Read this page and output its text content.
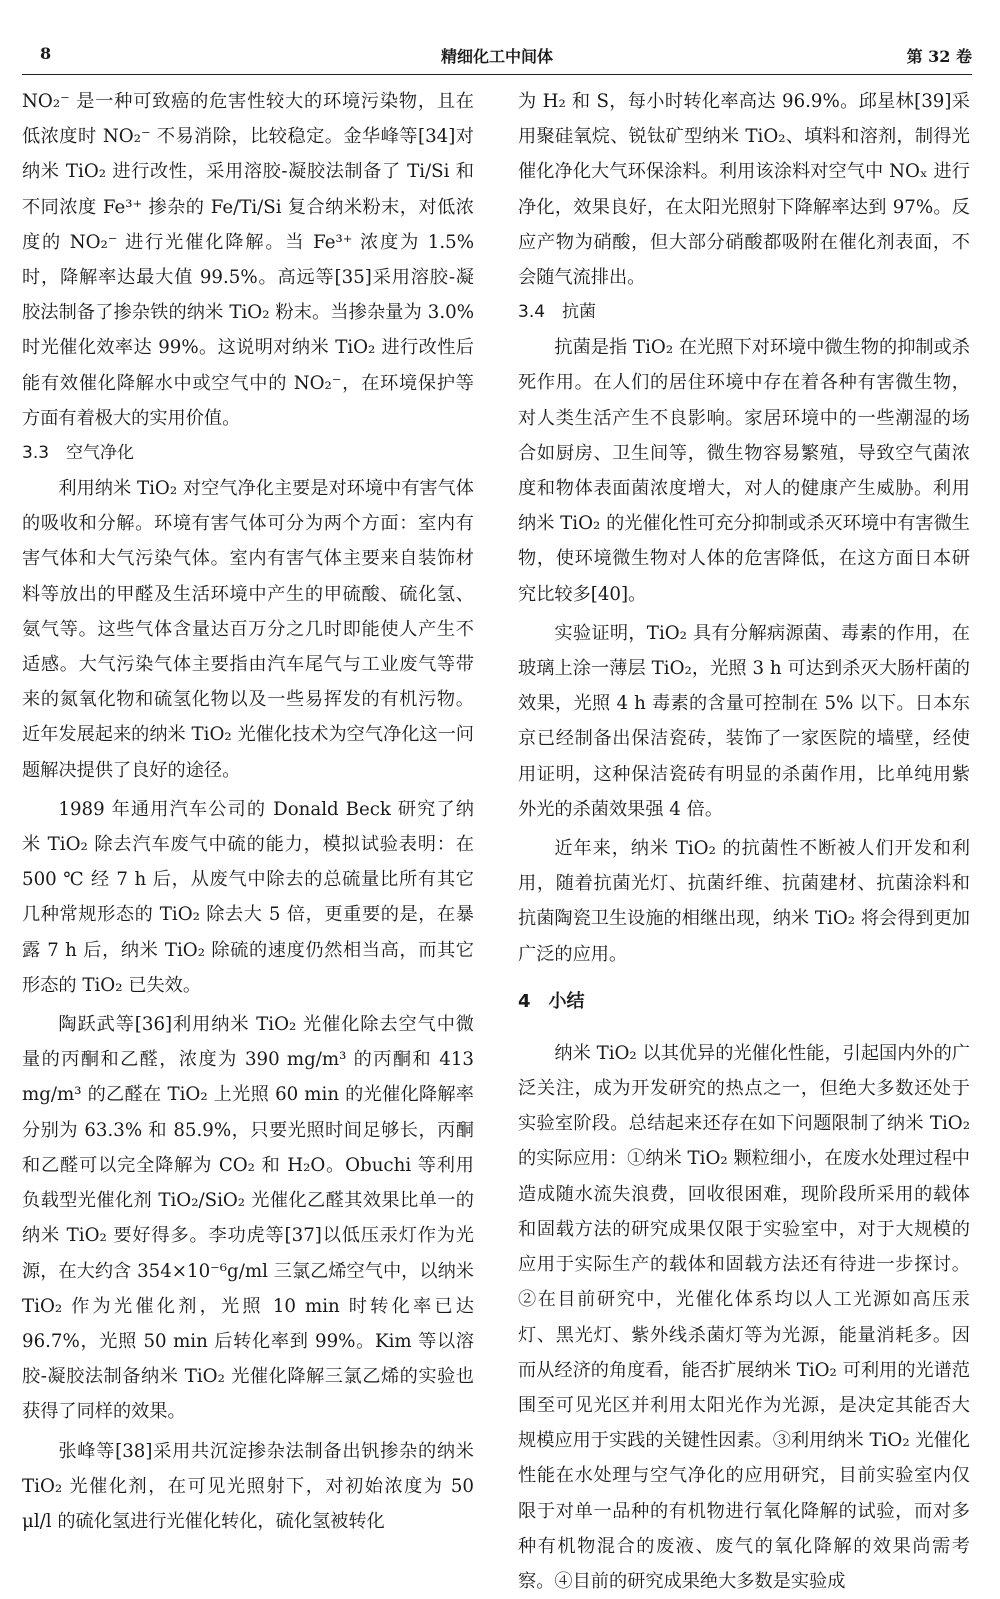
8	精细化工中间体	第 32 卷

NO₂⁻ 是一种可致癌的危害性较大的环境污染物，且在低浓度时 NO₂⁻ 不易消除，比较稳定。金华峰等[34]对纳米 TiO₂ 进行改性，采用溶胶-凝胶法制备了 Ti/Si 和不同浓度 Fe³⁺ 掺杂的 Fe/Ti/Si 复合纳米粉末，对低浓度的 NO₂⁻ 进行光催化降解。当 Fe³⁺ 浓度为 1.5% 时，降解率达最大值 99.5%。高远等[35]采用溶胶-凝胶法制备了掺杂铁的纳米 TiO₂ 粉末。当掺杂量为 3.0% 时光催化效率达 99%。这说明对纳米 TiO₂ 进行改性后能有效催化降解水中或空气中的 NO₂⁻，在环境保护等方面有着极大的实用价值。

3.3　空气净化

利用纳米 TiO₂ 对空气净化主要是对环境中有害气体的吸收和分解。环境有害气体可分为两个方面：室内有害气体和大气污染气体。室内有害气体主要来自装饰材料等放出的甲醛及生活环境中产生的甲硫酸、硫化氢、氨气等。这些气体含量达百万分之几时即能使人产生不适感。大气污染气体主要指由汽车尾气与工业废气等带来的氮氧化物和硫氢化物以及一些易挥发的有机污物。近年发展起来的纳米 TiO₂ 光催化技术为空气净化这一问题解决提供了良好的途径。

1989 年通用汽车公司的 Donald Beck 研究了纳米 TiO₂ 除去汽车废气中硫的能力，模拟试验表明：在 500 ℃ 经 7 h 后，从废气中除去的总硫量比所有其它几种常规形态的 TiO₂ 除去大 5 倍，更重要的是，在暴露 7 h 后，纳米 TiO₂ 除硫的速度仍然相当高，而其它形态的 TiO₂ 已失效。

陶跃武等[36]利用纳米 TiO₂ 光催化除去空气中微量的丙酮和乙醛，浓度为 390 mg/m³ 的丙酮和 413 mg/m³ 的乙醛在 TiO₂ 上光照 60 min 的光催化降解率分别为 63.3% 和 85.9%，只要光照时间足够长，丙酮和乙醛可以完全降解为 CO₂ 和 H₂O。Obuchi 等利用负载型光催化剂 TiO₂/SiO₂ 光催化乙醛其效果比单一的纳米 TiO₂ 要好得多。李功虎等[37]以低压汞灯作为光源，在大约含 354×10⁻⁶g/ml 三氯乙烯空气中，以纳米 TiO₂ 作为光催化剂，光照 10 min 时转化率已达 96.7%，光照 50 min 后转化率到 99%。Kim 等以溶胶-凝胶法制备纳米 TiO₂ 光催化降解三氯乙烯的实验也获得了同样的效果。

张峰等[38]采用共沉淀掺杂法制备出钒掺杂的纳米 TiO₂ 光催化剂，在可见光照射下，对初始浓度为 50 μl/l 的硫化氢进行光催化转化，硫化氢被转化

为 H₂ 和 S，每小时转化率高达 96.9%。邱星林[39]采用聚硅氧烷、锐钛矿型纳米 TiO₂、填料和溶剂，制得光催化净化大气环保涂料。利用该涂料对空气中 NOₓ 进行净化，效果良好，在太阳光照射下降解率达到 97%。反应产物为硝酸，但大部分硝酸都吸附在催化剂表面，不会随气流排出。

3.4　抗菌

抗菌是指 TiO₂ 在光照下对环境中微生物的抑制或杀死作用。在人们的居住环境中存在着各种有害微生物，对人类生活产生不良影响。家居环境中的一些潮湿的场合如厨房、卫生间等，微生物容易繁殖，导致空气菌浓度和物体表面菌浓度增大，对人的健康产生威胁。利用纳米 TiO₂ 的光催化性可充分抑制或杀灭环境中有害微生物，使环境微生物对人体的危害降低，在这方面日本研究比较多[40]。

实验证明，TiO₂ 具有分解病源菌、毒素的作用，在玻璃上涂一薄层 TiO₂，光照 3 h 可达到杀灭大肠杆菌的效果，光照 4 h 毒素的含量可控制在 5% 以下。日本东京已经制备出保洁瓷砖，装饰了一家医院的墙壁，经使用证明，这种保洁瓷砖有明显的杀菌作用，比单纯用紫外光的杀菌效果强 4 倍。

近年来，纳米 TiO₂ 的抗菌性不断被人们开发和利用，随着抗菌光灯、抗菌纤维、抗菌建材、抗菌涂料和抗菌陶瓷卫生设施的相继出现，纳米 TiO₂ 将会得到更加广泛的应用。

4　小结

纳米 TiO₂ 以其优异的光催化性能，引起国内外的广泛关注，成为开发研究的热点之一，但绝大多数还处于实验室阶段。总结起来还存在如下问题限制了纳米 TiO₂ 的实际应用：①纳米 TiO₂ 颗粒细小，在废水处理过程中造成随水流失浪费，回收很困难，现阶段所采用的载体和固载方法的研究成果仅限于实验室中，对于大规模的应用于实际生产的载体和固载方法还有待进一步探讨。②在目前研究中，光催化体系均以人工光源如高压汞灯、黑光灯、紫外线杀菌灯等为光源，能量消耗多。因而从经济的角度看，能否扩展纳米 TiO₂ 可利用的光谱范围至可见光区并利用太阳光作为光源，是决定其能否大规模应用于实践的关键性因素。③利用纳米 TiO₂ 光催化性能在水处理与空气净化的应用研究，目前实验室内仅限于对单一品种的有机物进行氧化降解的试验，而对多种有机物混合的废液、废气的氧化降解的效果尚需考察。④目前的研究成果绝大多数是实验成
